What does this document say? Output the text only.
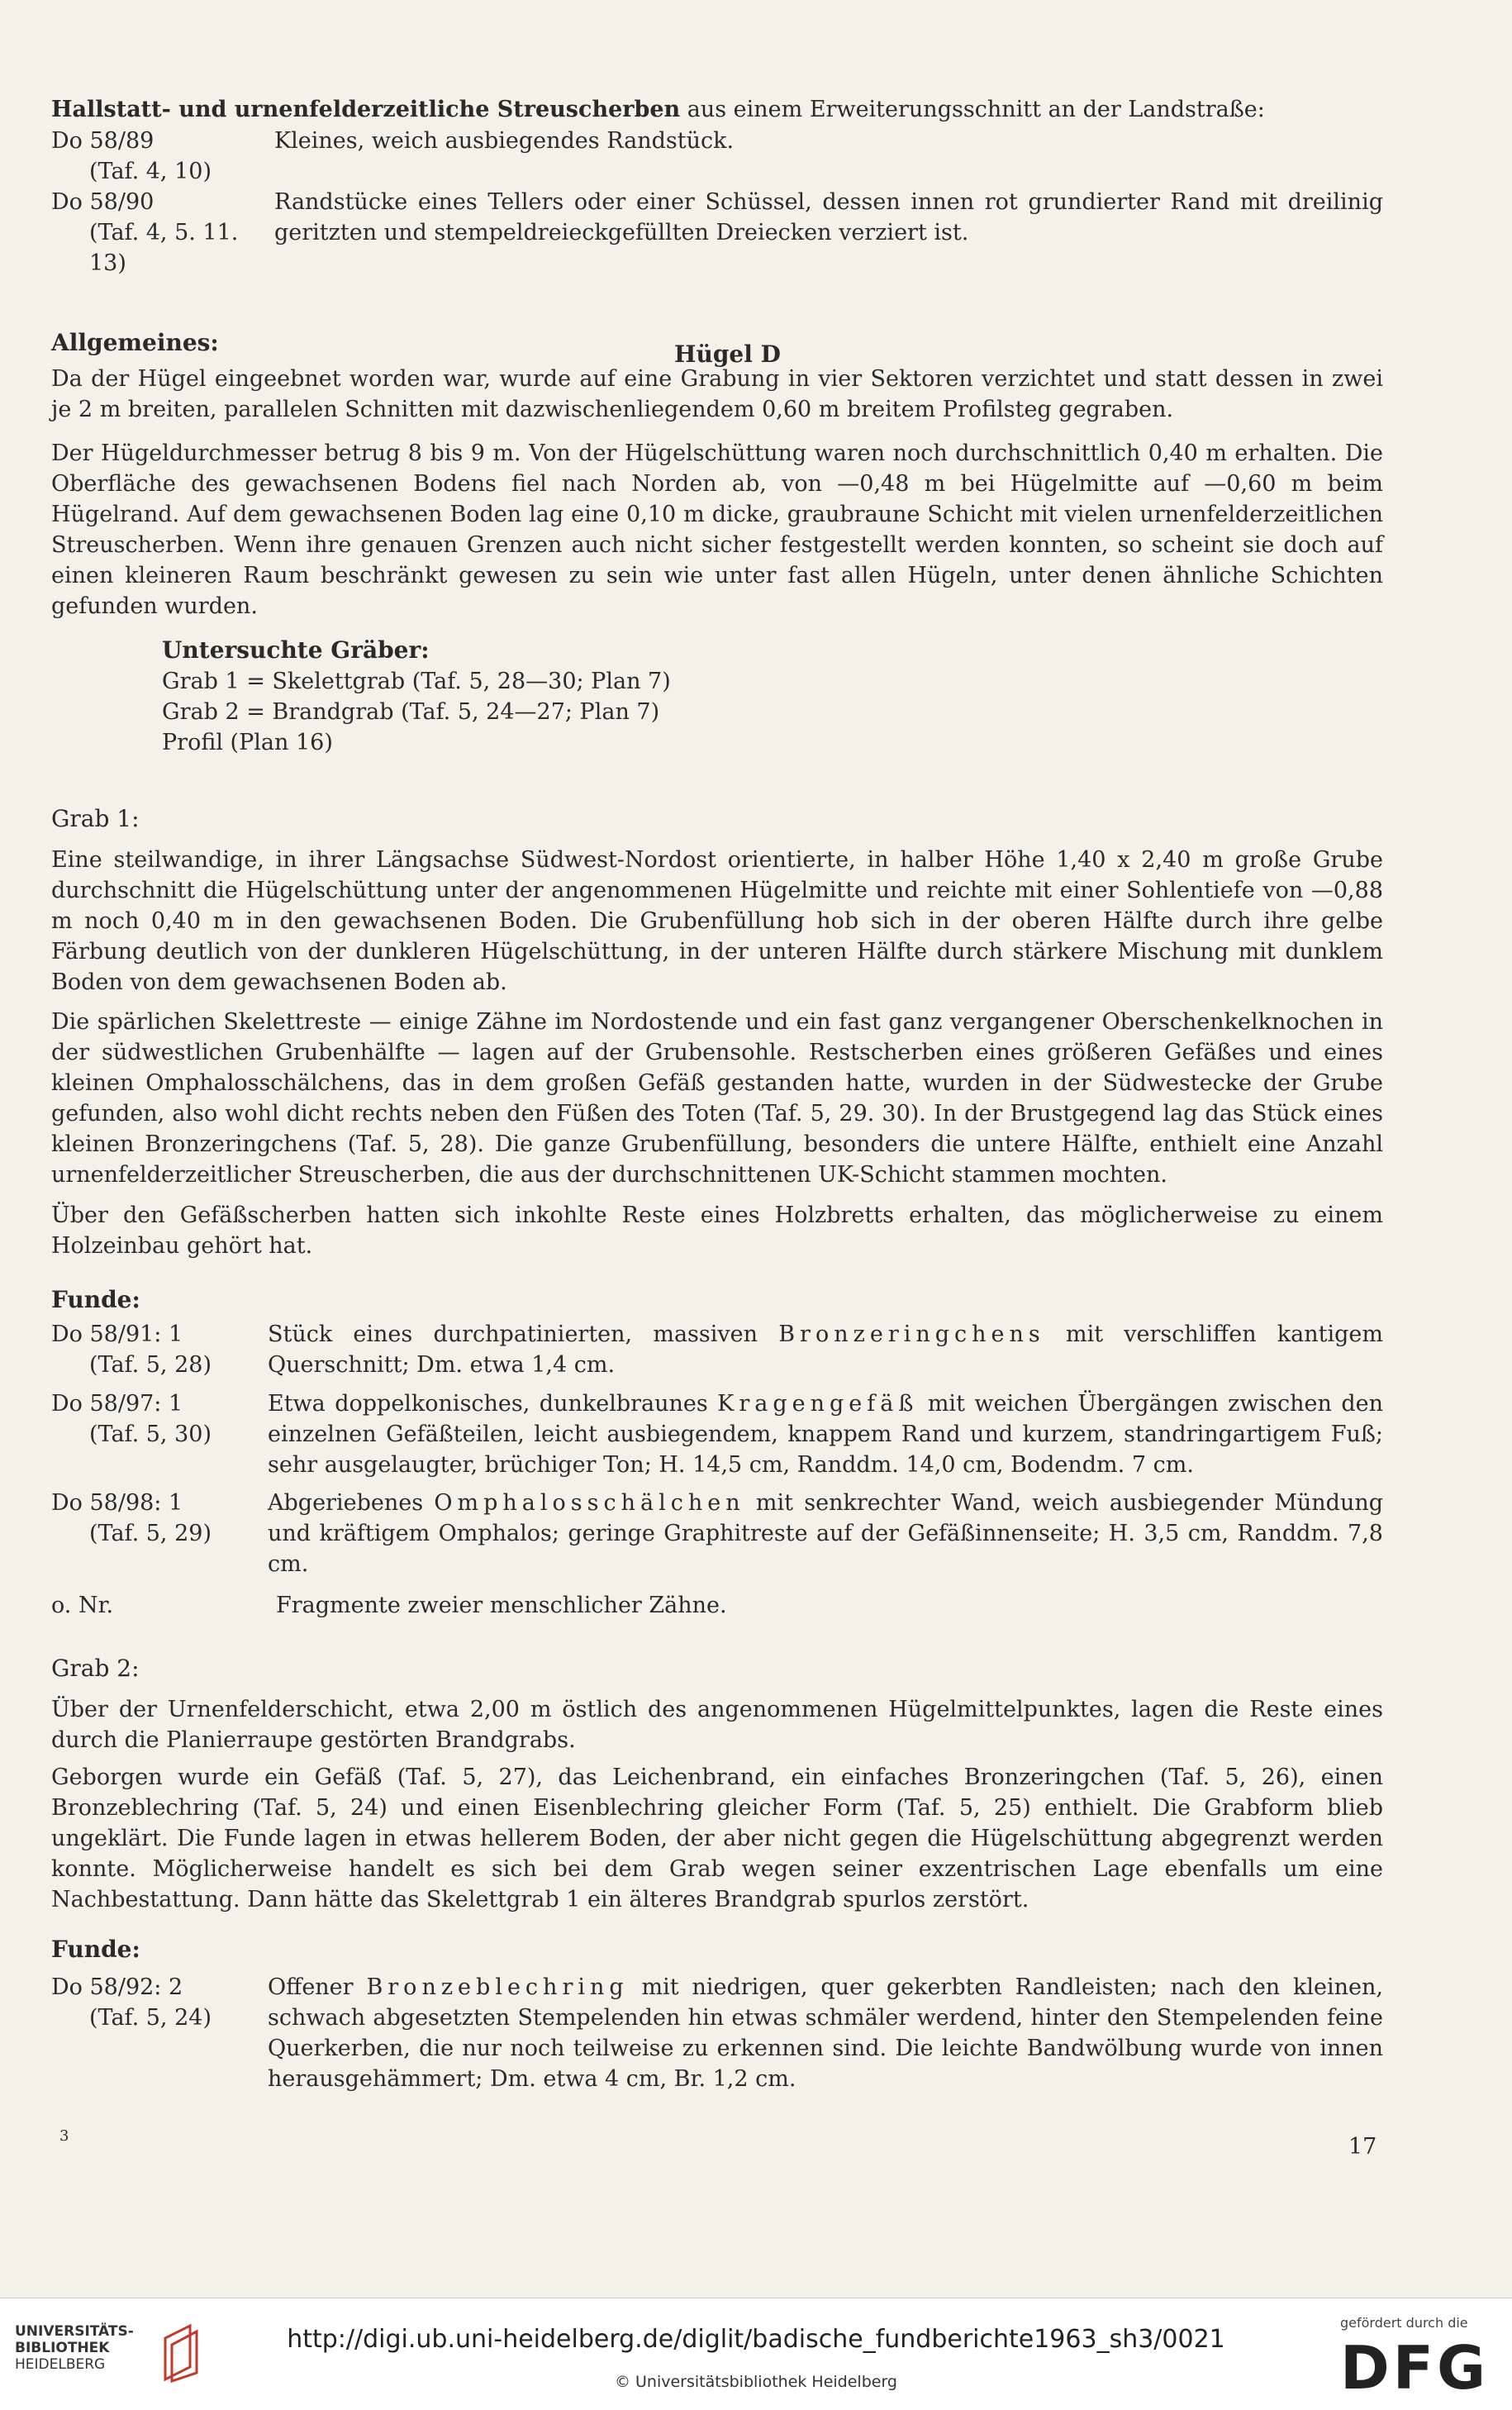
Hallstatt- und urnenfelderzeitliche Streuscherben aus einem Erweiterungsschnitt an der Landstraße:
Do 58/89
(Taf. 4, 10)
Kleines, weich ausbiegendes Randstück.
Do 58/90
(Taf. 4, 5. 11. 13)
Randstücke eines Tellers oder einer Schüssel, dessen innen rot grundierter Rand mit dreilinig geritzten und stempeldreieckgefüllten Dreiecken verziert ist.
Hügel D
Allgemeines:
Da der Hügel eingeebnet worden war, wurde auf eine Grabung in vier Sektoren verzichtet und statt dessen in zwei je 2 m breiten, parallelen Schnitten mit dazwischenliegendem 0,60 m breitem Profilsteg gegraben.
Der Hügeldurchmesser betrug 8 bis 9 m. Von der Hügelschüttung waren noch durchschnittlich 0,40 m erhalten. Die Oberfläche des gewachsenen Bodens fiel nach Norden ab, von —0,48 m bei Hügelmitte auf —0,60 m beim Hügelrand. Auf dem gewachsenen Boden lag eine 0,10 m dicke, graubraune Schicht mit vielen urnenfelderzeitlichen Streuscherben. Wenn ihre genauen Grenzen auch nicht sicher festgestellt werden konnten, so scheint sie doch auf einen kleineren Raum beschränkt gewesen zu sein wie unter fast allen Hügeln, unter denen ähnliche Schichten gefunden wurden.
Untersuchte Gräber:
Grab 1 = Skelettgrab (Taf. 5, 28—30; Plan 7)
Grab 2 = Brandgrab (Taf. 5, 24—27; Plan 7)
Profil (Plan 16)
Grab 1:
Eine steilwandige, in ihrer Längsachse Südwest-Nordost orientierte, in halber Höhe 1,40 x 2,40 m große Grube durchschnitt die Hügelschüttung unter der angenommenen Hügelmitte und reichte mit einer Sohlentiefe von —0,88 m noch 0,40 m in den gewachsenen Boden. Die Grubenfüllung hob sich in der oberen Hälfte durch ihre gelbe Färbung deutlich von der dunkleren Hügelschüttung, in der unteren Hälfte durch stärkere Mischung mit dunklem Boden von dem gewachsenen Boden ab.
Die spärlichen Skelettreste — einige Zähne im Nordostende und ein fast ganz vergangener Oberschenkelknochen in der südwestlichen Grubenhälfte — lagen auf der Grubensohle. Restscherben eines größeren Gefäßes und eines kleinen Omphalosschälchens, das in dem großen Gefäß gestanden hatte, wurden in der Südwestecke der Grube gefunden, also wohl dicht rechts neben den Füßen des Toten (Taf. 5, 29. 30). In der Brustgegend lag das Stück eines kleinen Bronzeringchens (Taf. 5, 28). Die ganze Grubenfüllung, besonders die untere Hälfte, enthielt eine Anzahl urnenfelderzeitlicher Streuscherben, die aus der durchschnittenen UK-Schicht stammen mochten.
Über den Gefäßscherben hatten sich inkohlte Reste eines Holzbretts erhalten, das möglicherweise zu einem Holzeinbau gehört hat.
Funde:
Do 58/91: 1
(Taf. 5, 28)
Stück eines durchpatinierten, massiven Bronzeringchens mit verschliffen kantigem Querschnitt; Dm. etwa 1,4 cm.
Do 58/97: 1
(Taf. 5, 30)
Etwa doppelkonisches, dunkelbraunes Kragengefäß mit weichen Übergängen zwischen den einzelnen Gefäßteilen, leicht ausbiegendem, knappem Rand und kurzem, standringartigem Fuß; sehr ausgelaugter, brüchiger Ton; H. 14,5 cm, Randdm. 14,0 cm, Bodendm. 7 cm.
Do 58/98: 1
(Taf. 5, 29)
Abgeriebenes Omphalosschälchen mit senkrechter Wand, weich ausbiegender Mündung und kräftigem Omphalos; geringe Graphitreste auf der Gefäßinnenseite; H. 3,5 cm, Randdm. 7,8 cm.
o. Nr.	Fragmente zweier menschlicher Zähne.
Grab 2:
Über der Urnenfelderschicht, etwa 2,00 m östlich des angenommenen Hügelmittelpunktes, lagen die Reste eines durch die Planierraupe gestörten Brandgrabs.
Geborgen wurde ein Gefäß (Taf. 5, 27), das Leichenbrand, ein einfaches Bronzeringchen (Taf. 5, 26), einen Bronzeblechring (Taf. 5, 24) und einen Eisenblechring gleicher Form (Taf. 5, 25) enthielt. Die Grabform blieb ungeklärt. Die Funde lagen in etwas hellerem Boden, der aber nicht gegen die Hügelschüttung abgegrenzt werden konnte. Möglicherweise handelt es sich bei dem Grab wegen seiner exzentrischen Lage ebenfalls um eine Nachbestattung. Dann hätte das Skelettgrab 1 ein älteres Brandgrab spurlos zerstört.
Funde:
Do 58/92: 2
(Taf. 5, 24)
Offener Bronzeblechring mit niedrigen, quer gekerbten Randleisten; nach den kleinen, schwach abgesetzten Stempelenden hin etwas schmäler werdend, hinter den Stempelenden feine Querkerben, die nur noch teilweise zu erkennen sind. Die leichte Bandwölbung wurde von innen herausgehämmert; Dm. etwa 4 cm, Br. 1,2 cm.
3	17
UNIVERSITÄTS-
BIBLIOTHEK
HEIDELBERG
http://digi.ub.uni-heidelberg.de/diglit/badische_fundberichte1963_sh3/0021
© Universitätsbibliothek Heidelberg
gefördert durch die
DFG
